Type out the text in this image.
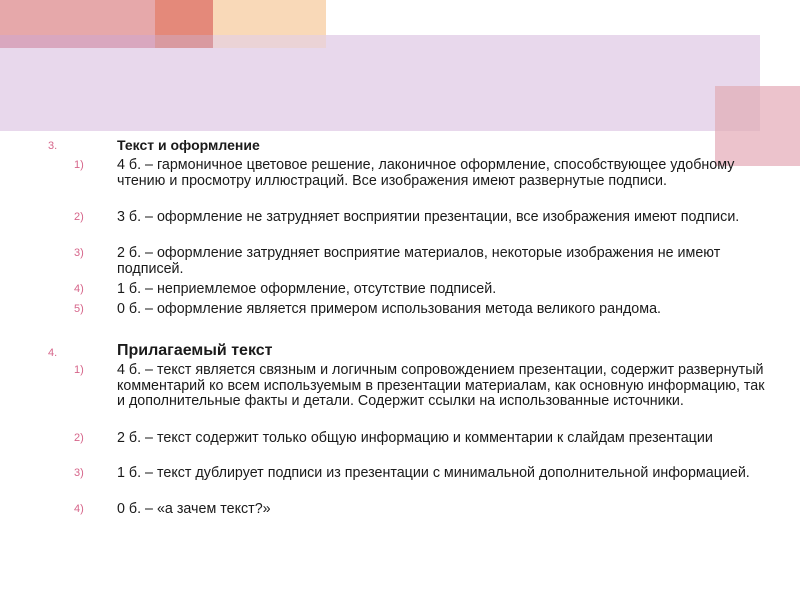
3.	Текст и оформление
1) 4 б. – гармоничное цветовое решение, лаконичное оформление, способствующее удобному чтению и просмотру иллюстраций. Все изображения имеют развернутые подписи.
2) 3 б. – оформление не затрудняет восприятии презентации, все изображения имеют подписи.
3) 2 б. – оформление затрудняет восприятие материалов, некоторые изображения не имеют подписей.
4) 1 б. – неприемлемое оформление, отсутствие подписей.
5) 0 б. – оформление является примером использования метода великого рандома.
4.	Прилагаемый текст
1) 4 б. – текст является связным и логичным сопровождением презентации, содержит развернутый комментарий ко всем используемым в презентации материалам, как основную информацию, так и дополнительные факты и детали. Содержит ссылки на использованные источники.
2) 2 б. – текст содержит только общую информацию и комментарии к слайдам презентации
3) 1 б. – текст дублирует подписи из презентации с минимальной дополнительной информацией.
4) 0 б. – «а зачем текст?»
